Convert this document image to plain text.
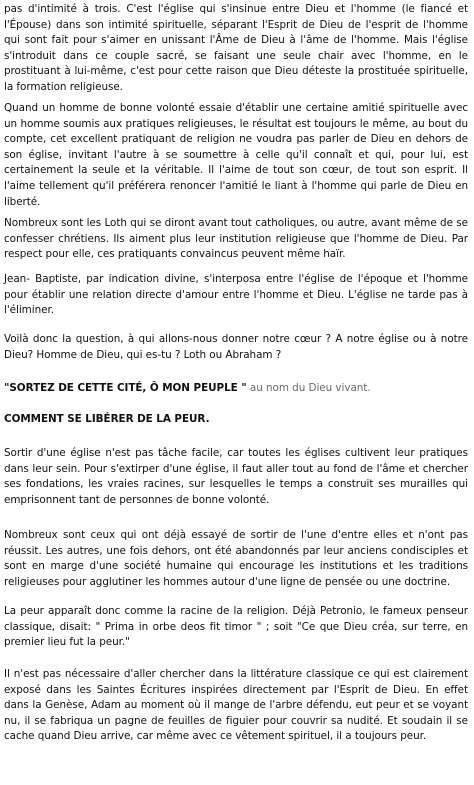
pas d'intimité à trois. C'est l'église qui s'insinue entre Dieu et l'homme (le fiancé et l'Épouse) dans son intimité spirituelle, séparant l'Esprit de Dieu de l'esprit de l'homme qui sont fait pour s'aimer en unissant l'Âme de Dieu à l'âme de l'homme. Mais l'église s'introduit dans ce couple sacré, se faisant une seule chair avec l'homme, en le prostituant à lui-même, c'est pour cette raison que Dieu déteste la prostituée spirituelle, la formation religieuse.

Quand un homme de bonne volonté essaie d'établir une certaine amitié spirituelle avec un homme soumis aux pratiques religieuses, le résultat est toujours le même, au bout du compte, cet excellent pratiquant de religion ne voudra pas parler de Dieu en dehors de son église, invitant l'autre à se soumettre à celle qu'il connaît et qui, pour lui, est certainement la seule et la véritable. Il l'aime de tout son cœur, de tout son esprit. Il l'aime tellement qu'il préférera renoncer l'amitié le liant à l'homme qui parle de Dieu en liberté.

Nombreux sont les Loth qui se diront avant tout catholiques, ou autre, avant même de se confesser chrétiens. Ils aiment plus leur institution religieuse que l'homme de Dieu. Par respect pour elle, ces pratiquants convaincus peuvent même haïr.

Jean- Baptiste, par indication divine, s'interposa entre l'église de l'époque et l'homme pour établir une relation directe d'amour entre l'homme et Dieu. L'église ne tarde pas à l'éliminer.

Voilà donc la question, à qui allons-nous donner notre cœur ? A notre église ou à notre Dieu? Homme de Dieu, qui es-tu ? Loth ou Abraham ?

"SORTEZ DE CETTE CITÉ, Ô MON PEUPLE " au nom du Dieu vivant.

COMMENT SE LIBÉRER DE LA PEUR.

Sortir d'une église n'est pas tâche facile, car toutes les églises cultivent leur pratiques dans leur sein. Pour s'extirper d'une église, il faut aller tout au fond de l'âme et chercher ses fondations, les vraies racines, sur lesquelles le temps a construit ses murailles qui emprisonnent tant de personnes de bonne volonté.

Nombreux sont ceux qui ont déjà essayé de sortir de l'une d'entre elles et n'ont pas réussit. Les autres, une fois dehors, ont été abandonnés par leur anciens condisciples et sont en marge d'une société humaine qui encourage les institutions et les traditions religieuses pour agglutiner les hommes autour d'une ligne de pensée ou une doctrine.

La peur apparaît donc comme la racine de la religion. Déjà Petronio, le fameux penseur classique, disait: " Prima in orbe deos fit timor " ; soit "Ce que Dieu créa, sur terre, en premier lieu fut la peur."

Il n'est pas nécessaire d'aller chercher dans la littérature classique ce qui est clairement exposé dans les Saintes Écritures inspirées directement par l'Esprit de Dieu. En effet dans la Genèse, Adam au moment où il mange de l'arbre défendu, eut peur et se voyant nu, il se fabriqua un pagne de feuilles de figuier pour couvrir sa nudité. Et soudain il se cache quand Dieu arrive, car même avec ce vêtement spirituel, il a toujours peur.
